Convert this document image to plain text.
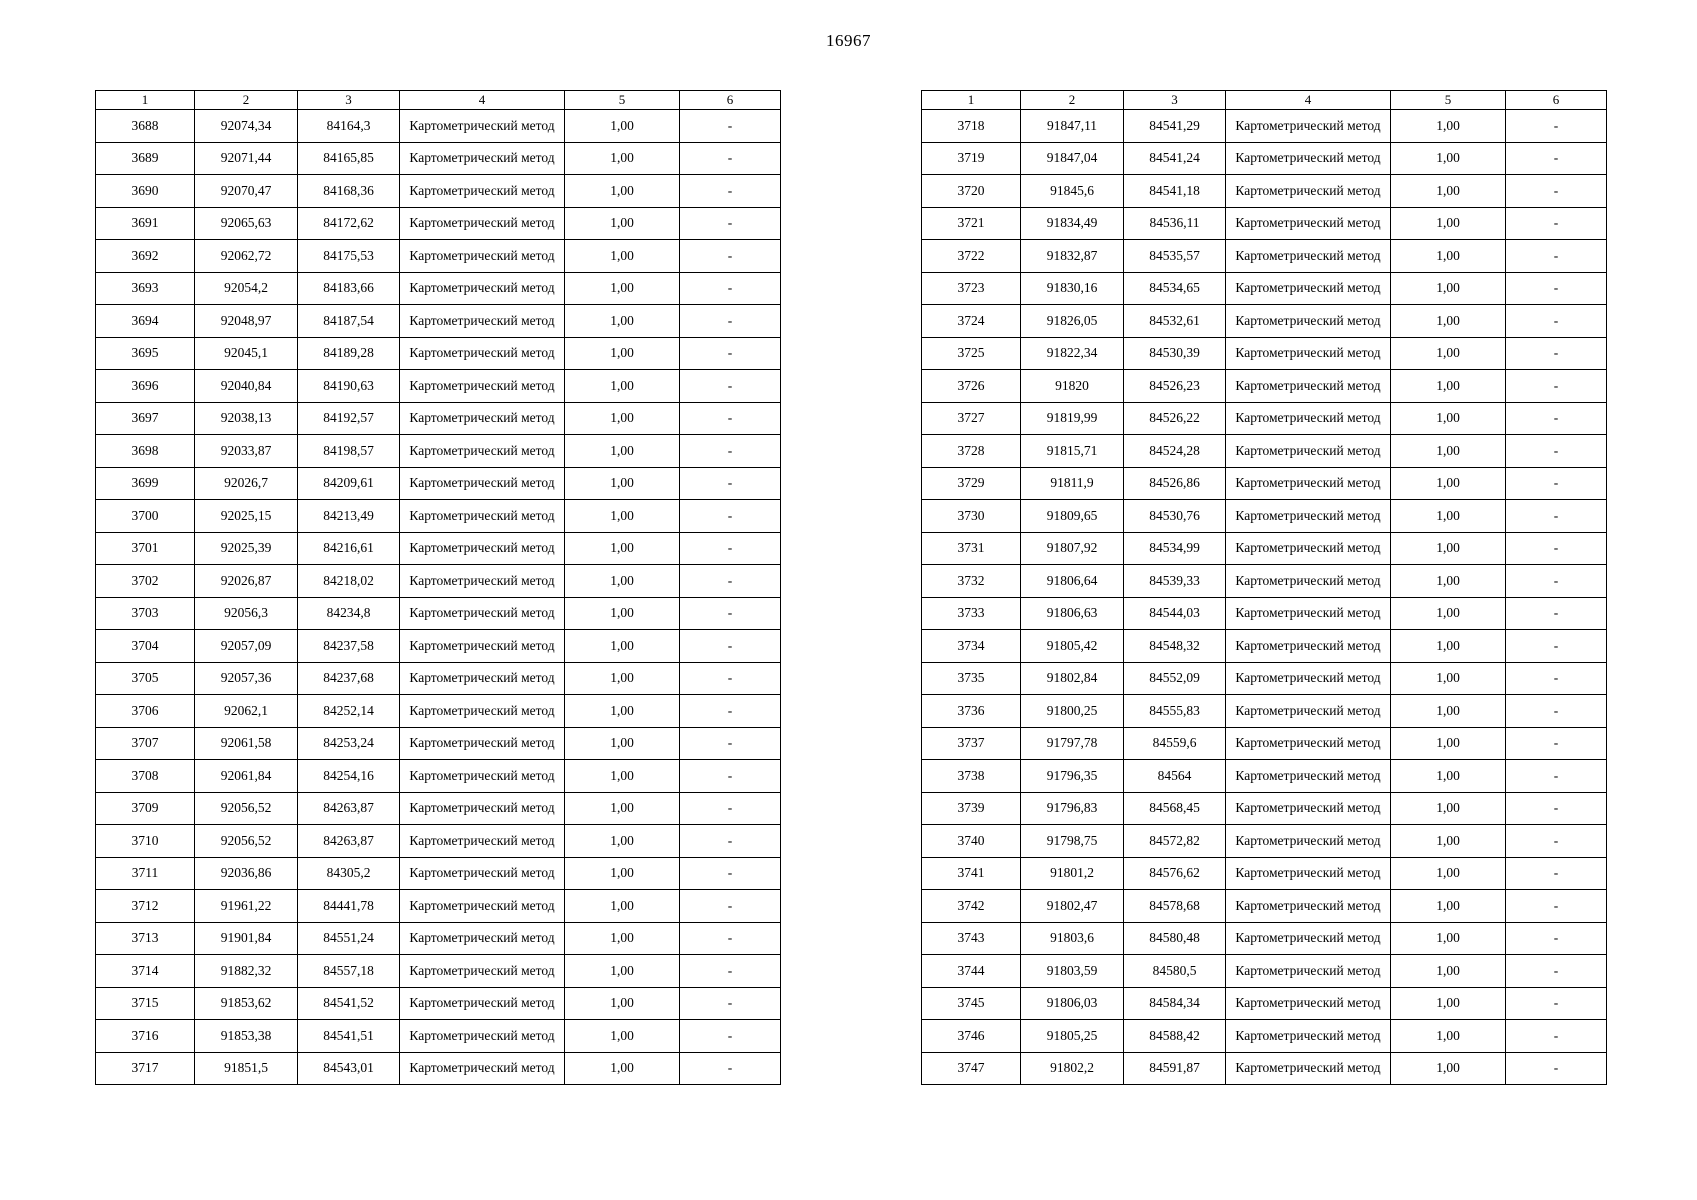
16967
1	2	3	4	5	6
3688	92074,34	84164,3	Картометрический метод	1,00	-
3689	92071,44	84165,85	Картометрический метод	1,00	-
3690	92070,47	84168,36	Картометрический метод	1,00	-
3691	92065,63	84172,62	Картометрический метод	1,00	-
3692	92062,72	84175,53	Картометрический метод	1,00	-
3693	92054,2	84183,66	Картометрический метод	1,00	-
3694	92048,97	84187,54	Картометрический метод	1,00	-
3695	92045,1	84189,28	Картометрический метод	1,00	-
3696	92040,84	84190,63	Картометрический метод	1,00	-
3697	92038,13	84192,57	Картометрический метод	1,00	-
3698	92033,87	84198,57	Картометрический метод	1,00	-
3699	92026,7	84209,61	Картометрический метод	1,00	-
3700	92025,15	84213,49	Картометрический метод	1,00	-
3701	92025,39	84216,61	Картометрический метод	1,00	-
3702	92026,87	84218,02	Картометрический метод	1,00	-
3703	92056,3	84234,8	Картометрический метод	1,00	-
3704	92057,09	84237,58	Картометрический метод	1,00	-
3705	92057,36	84237,68	Картометрический метод	1,00	-
3706	92062,1	84252,14	Картометрический метод	1,00	-
3707	92061,58	84253,24	Картометрический метод	1,00	-
3708	92061,84	84254,16	Картометрический метод	1,00	-
3709	92056,52	84263,87	Картометрический метод	1,00	-
3710	92056,52	84263,87	Картометрический метод	1,00	-
3711	92036,86	84305,2	Картометрический метод	1,00	-
3712	91961,22	84441,78	Картометрический метод	1,00	-
3713	91901,84	84551,24	Картометрический метод	1,00	-
3714	91882,32	84557,18	Картометрический метод	1,00	-
3715	91853,62	84541,52	Картометрический метод	1,00	-
3716	91853,38	84541,51	Картометрический метод	1,00	-
3717	91851,5	84543,01	Картометрический метод	1,00	-
1	2	3	4	5	6
3718	91847,11	84541,29	Картометрический метод	1,00	-
3719	91847,04	84541,24	Картометрический метод	1,00	-
3720	91845,6	84541,18	Картометрический метод	1,00	-
3721	91834,49	84536,11	Картометрический метод	1,00	-
3722	91832,87	84535,57	Картометрический метод	1,00	-
3723	91830,16	84534,65	Картометрический метод	1,00	-
3724	91826,05	84532,61	Картометрический метод	1,00	-
3725	91822,34	84530,39	Картометрический метод	1,00	-
3726	91820	84526,23	Картометрический метод	1,00	-
3727	91819,99	84526,22	Картометрический метод	1,00	-
3728	91815,71	84524,28	Картометрический метод	1,00	-
3729	91811,9	84526,86	Картометрический метод	1,00	-
3730	91809,65	84530,76	Картометрический метод	1,00	-
3731	91807,92	84534,99	Картометрический метод	1,00	-
3732	91806,64	84539,33	Картометрический метод	1,00	-
3733	91806,63	84544,03	Картометрический метод	1,00	-
3734	91805,42	84548,32	Картометрический метод	1,00	-
3735	91802,84	84552,09	Картометрический метод	1,00	-
3736	91800,25	84555,83	Картометрический метод	1,00	-
3737	91797,78	84559,6	Картометрический метод	1,00	-
3738	91796,35	84564	Картометрический метод	1,00	-
3739	91796,83	84568,45	Картометрический метод	1,00	-
3740	91798,75	84572,82	Картометрический метод	1,00	-
3741	91801,2	84576,62	Картометрический метод	1,00	-
3742	91802,47	84578,68	Картометрический метод	1,00	-
3743	91803,6	84580,48	Картометрический метод	1,00	-
3744	91803,59	84580,5	Картометрический метод	1,00	-
3745	91806,03	84584,34	Картометрический метод	1,00	-
3746	91805,25	84588,42	Картометрический метод	1,00	-
3747	91802,2	84591,87	Картометрический метод	1,00	-
